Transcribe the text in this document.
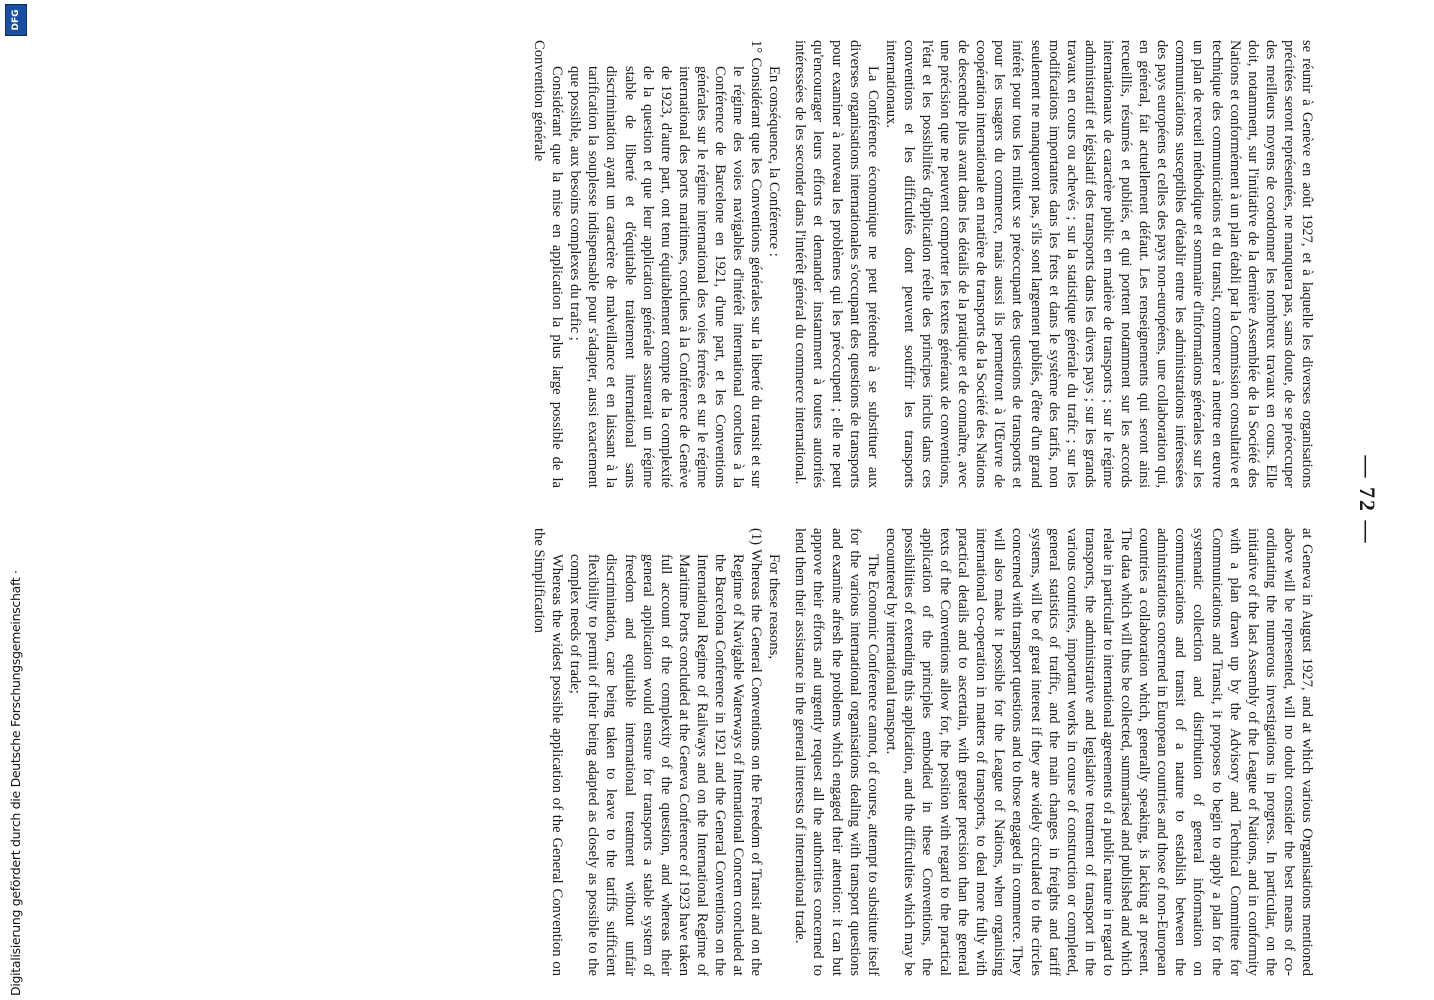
— 72 —

at Geneva in August 1927, and at which various Organisations mentioned above will be represented, will no doubt consider the best means of co-ordinating the numerous investigations in progress. In particular, on the initiative of the last Assembly of the League of Nations, and in conformity with a plan drawn up by the Advisory and Technical Committee for Communications and Transit, it proposes to begin to apply a plan for the systematic collection and distribution of general information on communications and transit of a nature to establish between the administrations concerned in European countries and those of non-European countries a collaboration which, generally speaking, is lacking at present. The data which will thus be collected, summarised and published and which relate in particular to international agreements of a public nature in regard to transports, the administrative and legislative treatment of transport in the various countries, important works in course of construction or completed, general statistics of traffic, and the main changes in freights and tariff systems, will be of great interest if they are widely circulated to the circles concerned with transport questions and to those engaged in commerce. They will also make it possible for the League of Nations, when organising international co-operation in matters of transports, to deal more fully with practical details and to ascertain, with greater precision than the general texts of the Conventions allow for, the position with regard to the practical application of the principles embodied in these Conventions, the possibilities of extending this application, and the difficulties which may be encountered by international transport.

The Economic Conference cannot, of course, attempt to substitute itself for the various international organisations dealing with transport questions and examine afresh the problems which engaged their attention: it can but approve their efforts and urgently request all the authorities concerned to lend them their assistance in the general interests of international trade.

For these reasons,

(1) Whereas the General Conventions on the Freedom of Transit and on the Regime of Navigable Waterways of International Concern concluded at the Barcelona Conference in 1921 and the General Conventions on the International Regime of Railways and on the International Regime of Maritime Ports concluded at the Geneva Conference of 1923 have taken full account of the complexity of the question, and whereas their general application would ensure for transports a stable system of freedom and equitable international treatment without unfair discrimination, care being taken to leave to the tariffs sufficient flexibility to permit of their being adapted as closely as possible to the complex needs of trade;

Whereas the widest possible application of the General Convention on the Simplification

se réunir à Genève en août 1927, et à laquelle les diverses organisations précitées seront représentées, ne manquera pas, sans doute, de se préoccuper des meilleurs moyens de coordonner les nombreux travaux en cours. Elle doit, notamment, sur l'initiative de la dernière Assemblée de la Société des Nations et conformément à un plan établi par la Commission consultative et technique des communications et du transit, commencer à mettre en œuvre un plan de recueil méthodique et sommaire d'informations générales sur les communications susceptibles d'établir entre les administrations intéressées des pays européens et celles des pays non-européens, une collaboration qui, en général, fait actuellement défaut. Les renseignements qui seront ainsi recueillis, résumés et publiés, et qui portent notamment sur les accords internationaux de caractère public en matière de transports ; sur le régime administratif et législatif des transports dans les divers pays ; sur les grands travaux en cours ou achevés ; sur la statistique générale du trafic ; sur les modifications importantes dans les frets et dans le système des tarifs, non seulement ne manqueront pas, s'ils sont largement publiés, d'être d'un grand intérêt pour tous les milieux se préoccupant des questions de transports et pour les usagers du commerce, mais aussi ils permettront à l'Œuvre de coopération internationale en matière de transports de la Société des Nations de descendre plus avant dans les détails de la pratique et de connaître, avec une précision que ne peuvent comporter les textes généraux de conventions, l'état et les possibilités d'application réelle des principes inclus dans ces conventions et les difficultés dont peuvent souffrir les transports internationaux.

La Conférence économique ne peut prétendre à se substituer aux diverses organisations internationales s'occupant des questions de transports pour examiner à nouveau les problèmes qui les préoccupent ; elle ne peut qu'encourager leurs efforts et demander instamment à toutes autorités intéressées de les seconder dans l'intérêt général du commerce international.

En conséquence, la Conférence :

1° Considérant que les Conventions générales sur la liberté du transit et sur le régime des voies navigables d'intérêt international conclues à la Conférence de Barcelone en 1921, d'une part, et les Conventions générales sur le régime international des voies ferrées et sur le régime international des ports maritimes, conclues à la Conférence de Genève de 1923, d'autre part, ont tenu équitablement compte de la complexité de la question et que leur application générale assurerait un régime stable de liberté et d'équitable traitement international sans discrimination ayant un caractère de malveillance et en laissant à la tarification la souplesse indispensable pour s'adapter, aussi exactement que possible, aux besoins complexes du trafic ;

Considérant que la mise en application la plus large possible de la Convention générale

Digitalisierung gefördert durch die Deutsche Forschungsgemeinschaft ·
DFG
